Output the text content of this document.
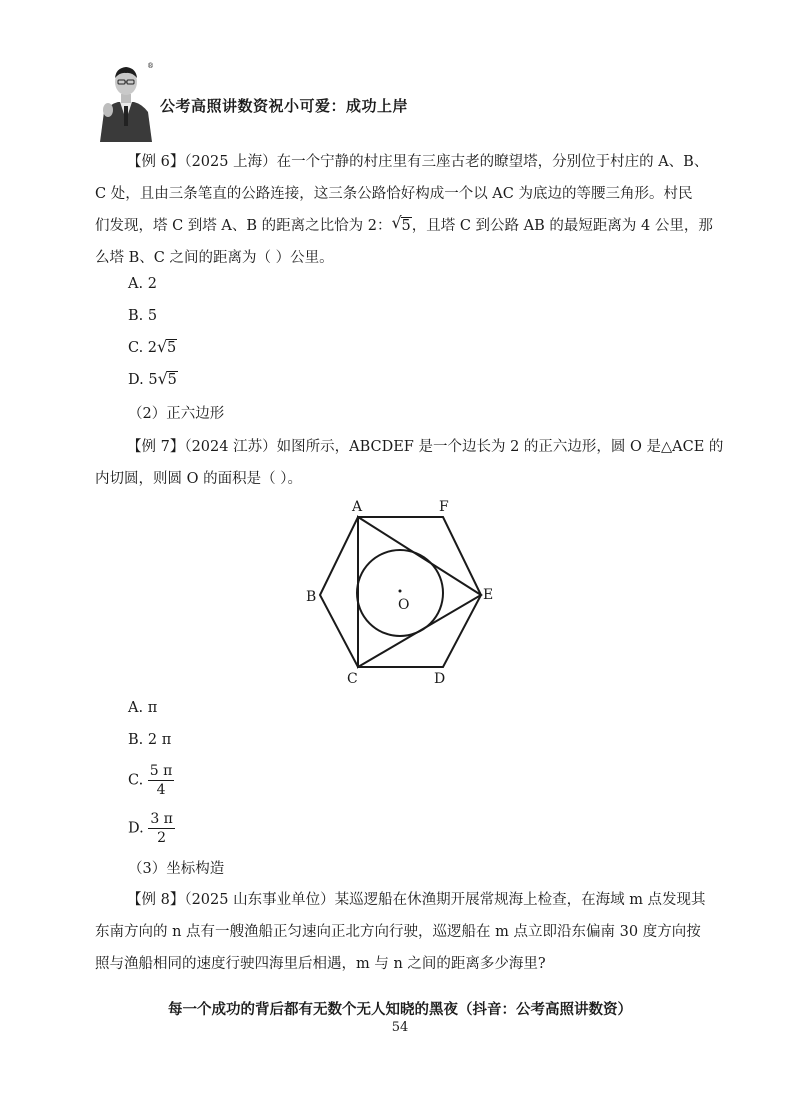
®
公考高照讲数资祝小可爱：成功上岸
【例 6】（2025 上海）在一个宁静的村庄里有三座古老的瞭望塔，分别位于村庄的 A、B、
C 处，且由三条笔直的公路连接，这三条公路恰好构成一个以 AC 为底边的等腰三角形。村民
们发现，塔 C 到塔 A、B 的距离之比恰为 2： √ 5，且塔 C 到公路 AB 的最短距离为 4 公里，那
么塔 B、C 之间的距离为（ ）公里。
A. 2
B. 5
C. 2 √ 5
D. 5 √ 5
（2）正六边形
【例 7】（2024 江苏）如图所示，ABCDEF 是一个边长为 2 的正六边形，圆 O 是△ACE 的
内切圆，则圆 O 的面积是（ ）。
A	F
B	E
O
C	D
A. π
B. 2 π
C. $\frac{5 \pi}{4}$
D. $\frac{3 \pi}{2}$
（3）坐标构造
【例 8】（2025 山东事业单位）某巡逻船在休渔期开展常规海上检查，在海域 m 点发现其
东南方向的 n 点有一艘渔船正匀速向正北方向行驶，巡逻船在 m 点立即沿东偏南 30 度方向按
照与渔船相同的速度行驶四海里后相遇，m 与 n 之间的距离多少海里?
每一个成功的背后都有无数个无人知晓的黑夜（抖音：公考高照讲数资）
54
